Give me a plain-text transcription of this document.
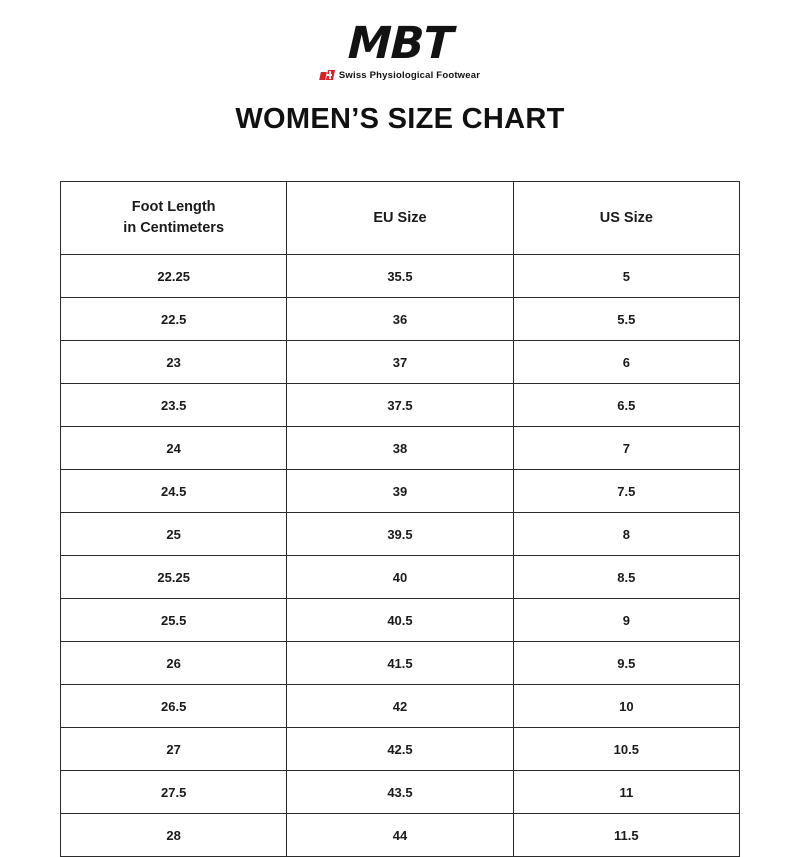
MBT
Swiss Physiological Footwear
WOMEN’S SIZE CHART
Foot Length
in Centimeters	EU Size	US Size

22.25	35.5	5
22.5	36	5.5
23	37	6
23.5	37.5	6.5
24	38	7
24.5	39	7.5
25	39.5	8
25.25	40	8.5
25.5	40.5	9
26	41.5	9.5
26.5	42	10
27	42.5	10.5
27.5	43.5	11
28	44	11.5
